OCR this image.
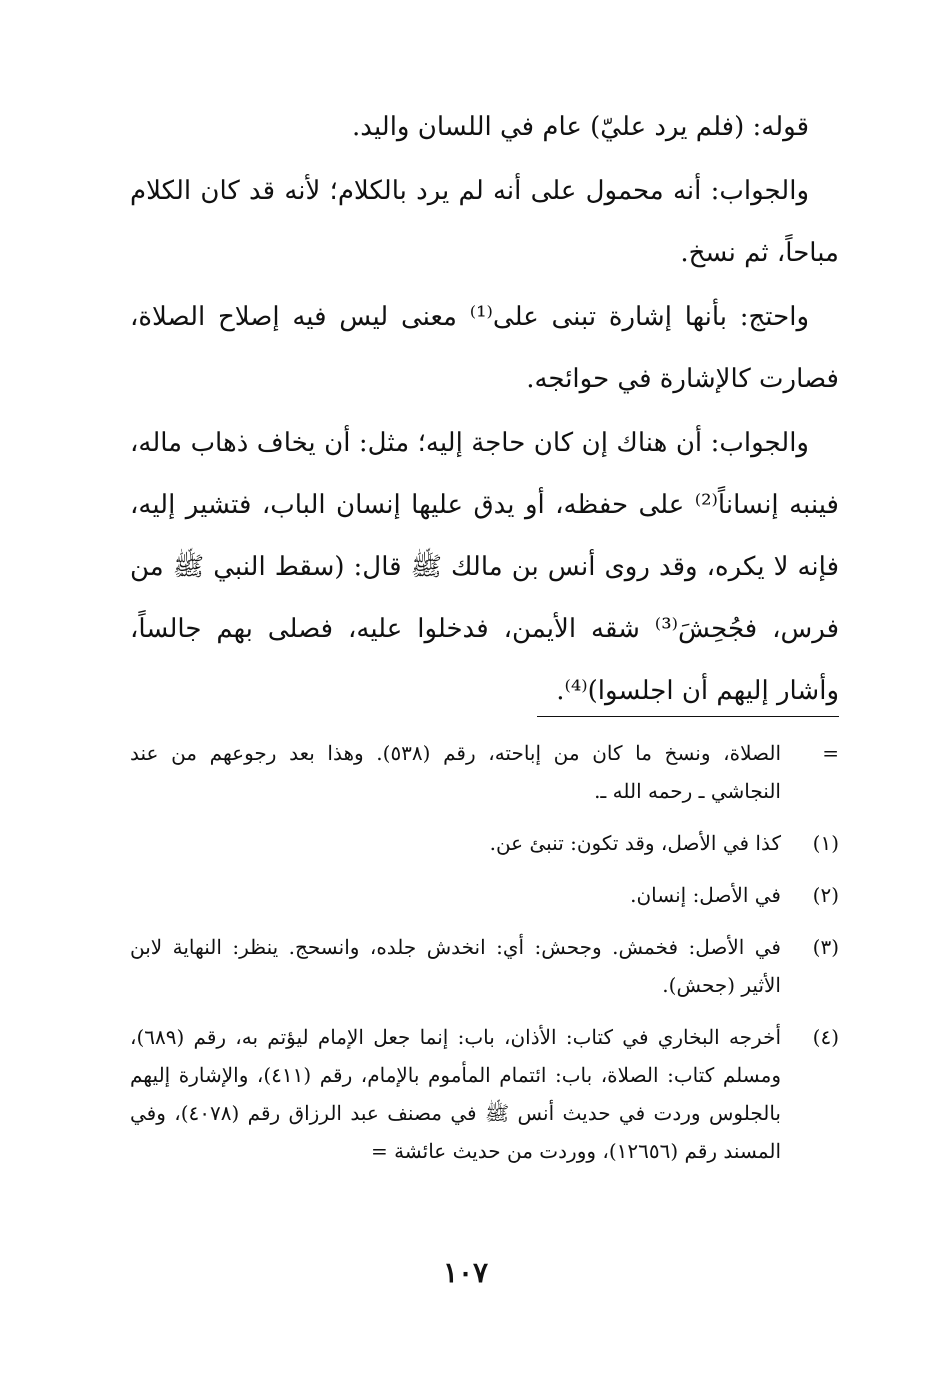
قوله: (فلم يرد عليّ) عام في اللسان واليد.

والجواب: أنه محمول على أنه لم يرد بالكلام؛ لأنه قد كان الكلام مباحاً، ثم نسخ.

واحتج: بأنها إشارة تبنى على⁽¹⁾ معنى ليس فيه إصلاح الصلاة، فصارت كالإشارة في حوائجه.

والجواب: أن هناك إن كان حاجة إليه؛ مثل: أن يخاف ذهاب ماله، فينبه إنساناً⁽²⁾ على حفظه، أو يدق عليها إنسان الباب، فتشير إليه، فإنه لا يكره، وقد روى أنس بن مالك ﷺ قال: (سقط النبي ﷺ من فرس، فجُحِشَ⁽³⁾ شقه الأيمن، فدخلوا عليه، فصلى بهم جالساً، وأشار إليهم أن اجلسوا)⁽⁴⁾.

=
الصلاة، ونسخ ما كان من إباحته، رقم (٥٣٨). وهذا بعد رجوعهم من عند النجاشي ـ رحمه الله ـ.
(١)
كذا في الأصل، وقد تكون: تنبئ عن.
(٢)
في الأصل: إنسان.
(٣)
في الأصل: فخمش. وجحش: أي: انخدش جلده، وانسحج. ينظر: النهاية لابن الأثير (جحش).
(٤)
أخرجه البخاري في كتاب: الأذان، باب: إنما جعل الإمام ليؤتم به، رقم (٦٨٩)، ومسلم كتاب: الصلاة، باب: ائتمام المأموم بالإمام، رقم (٤١١)، والإشارة إليهم بالجلوس وردت في حديث أنس ﷺ في مصنف عبد الرزاق رقم (٤٠٧٨)، وفي المسند رقم (١٢٦٥٦)، ووردت من حديث عائشة =
١٠٧
